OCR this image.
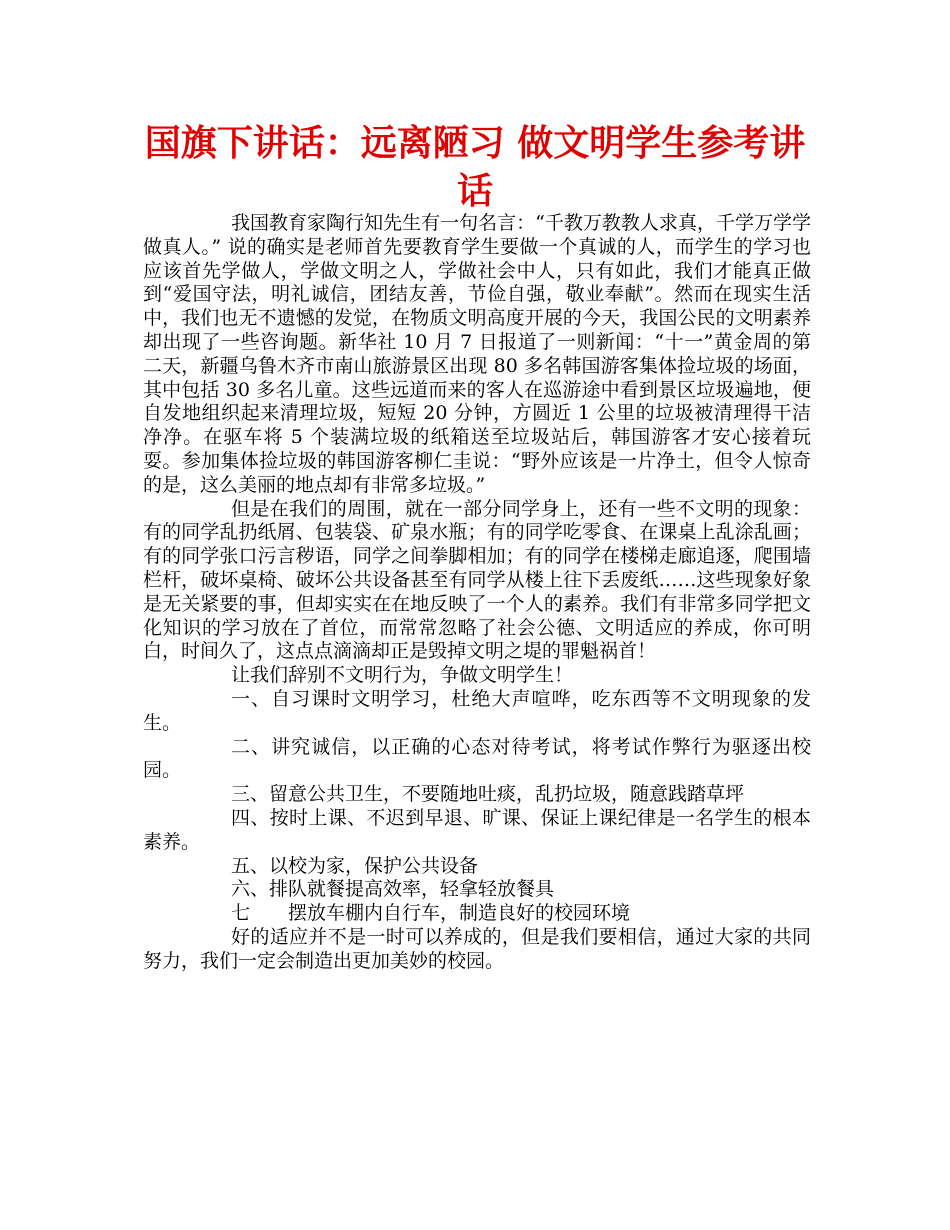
国旗下讲话：远离陋习 做文明学生参考讲话

我国教育家陶行知先生有一句名言：“千教万教教人求真，千学万学学做真人。” 说的确实是老师首先要教育学生要做一个真诚的人，而学生的学习也应该首先学做人，学做文明之人，学做社会中人，只有如此，我们才能真正做到“爱国守法，明礼诚信，团结友善，节俭自强，敬业奉献”。然而在现实生活中，我们也无不遗憾的发觉，在物质文明高度开展的今天，我国公民的文明素养却出现了一些咨询题。新华社 10 月 7 日报道了一则新闻：“十一”黄金周的第二天，新疆乌鲁木齐市南山旅游景区出现 80 多名韩国游客集体捡垃圾的场面，其中包括 30 多名儿童。这些远道而来的客人在巡游途中看到景区垃圾遍地，便自发地组织起来清理垃圾，短短 20 分钟，方圆近 1 公里的垃圾被清理得干洁净净。在驱车将 5 个装满垃圾的纸箱送至垃圾站后，韩国游客才安心接着玩耍。参加集体捡垃圾的韩国游客柳仁圭说：“野外应该是一片净土，但令人惊奇的是，这么美丽的地点却有非常多垃圾。”

但是在我们的周围，就在一部分同学身上，还有一些不文明的现象：有的同学乱扔纸屑、包装袋、矿泉水瓶；有的同学吃零食、在课桌上乱涂乱画；有的同学张口污言秽语，同学之间拳脚相加；有的同学在楼梯走廊追逐，爬围墙栏杆，破坏桌椅、破坏公共设备甚至有同学从楼上往下丢废纸……这些现象好象是无关紧要的事，但却实实在在地反映了一个人的素养。我们有非常多同学把文化知识的学习放在了首位，而常常忽略了社会公德、文明适应的养成，你可明白，时间久了，这点点滴滴却正是毁掉文明之堤的罪魁祸首！

让我们辞别不文明行为，争做文明学生！

一、自习课时文明学习，杜绝大声喧哗，吃东西等不文明现象的发生。

二、讲究诚信，以正确的心态对待考试，将考试作弊行为驱逐出校园。

三、留意公共卫生，不要随地吐痰，乱扔垃圾，随意践踏草坪

四、按时上课、不迟到早退、旷课、保证上课纪律是一名学生的根本素养。

五、以校为家，保护公共设备

六、排队就餐提高效率，轻拿轻放餐具

七　　摆放车棚内自行车，制造良好的校园环境

好的适应并不是一时可以养成的，但是我们要相信，通过大家的共同努力，我们一定会制造出更加美妙的校园。
